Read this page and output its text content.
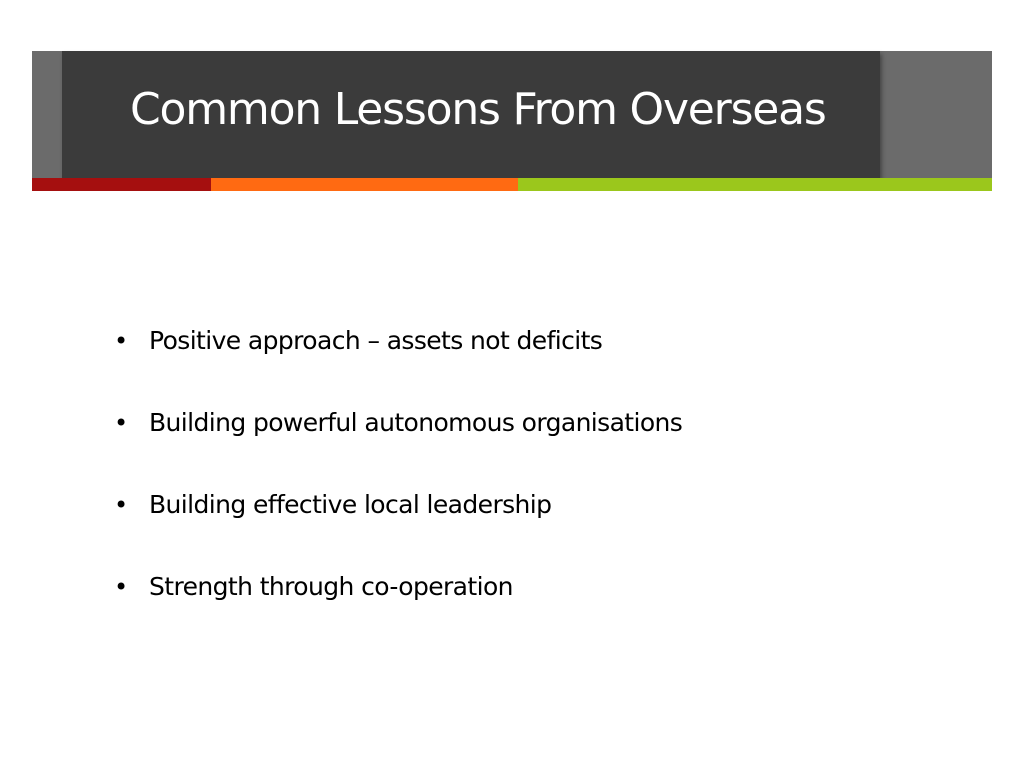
Common Lessons From Overseas
• Positive approach – assets not deficits
• Building powerful autonomous organisations
• Building effective local leadership
• Strength through co-operation
